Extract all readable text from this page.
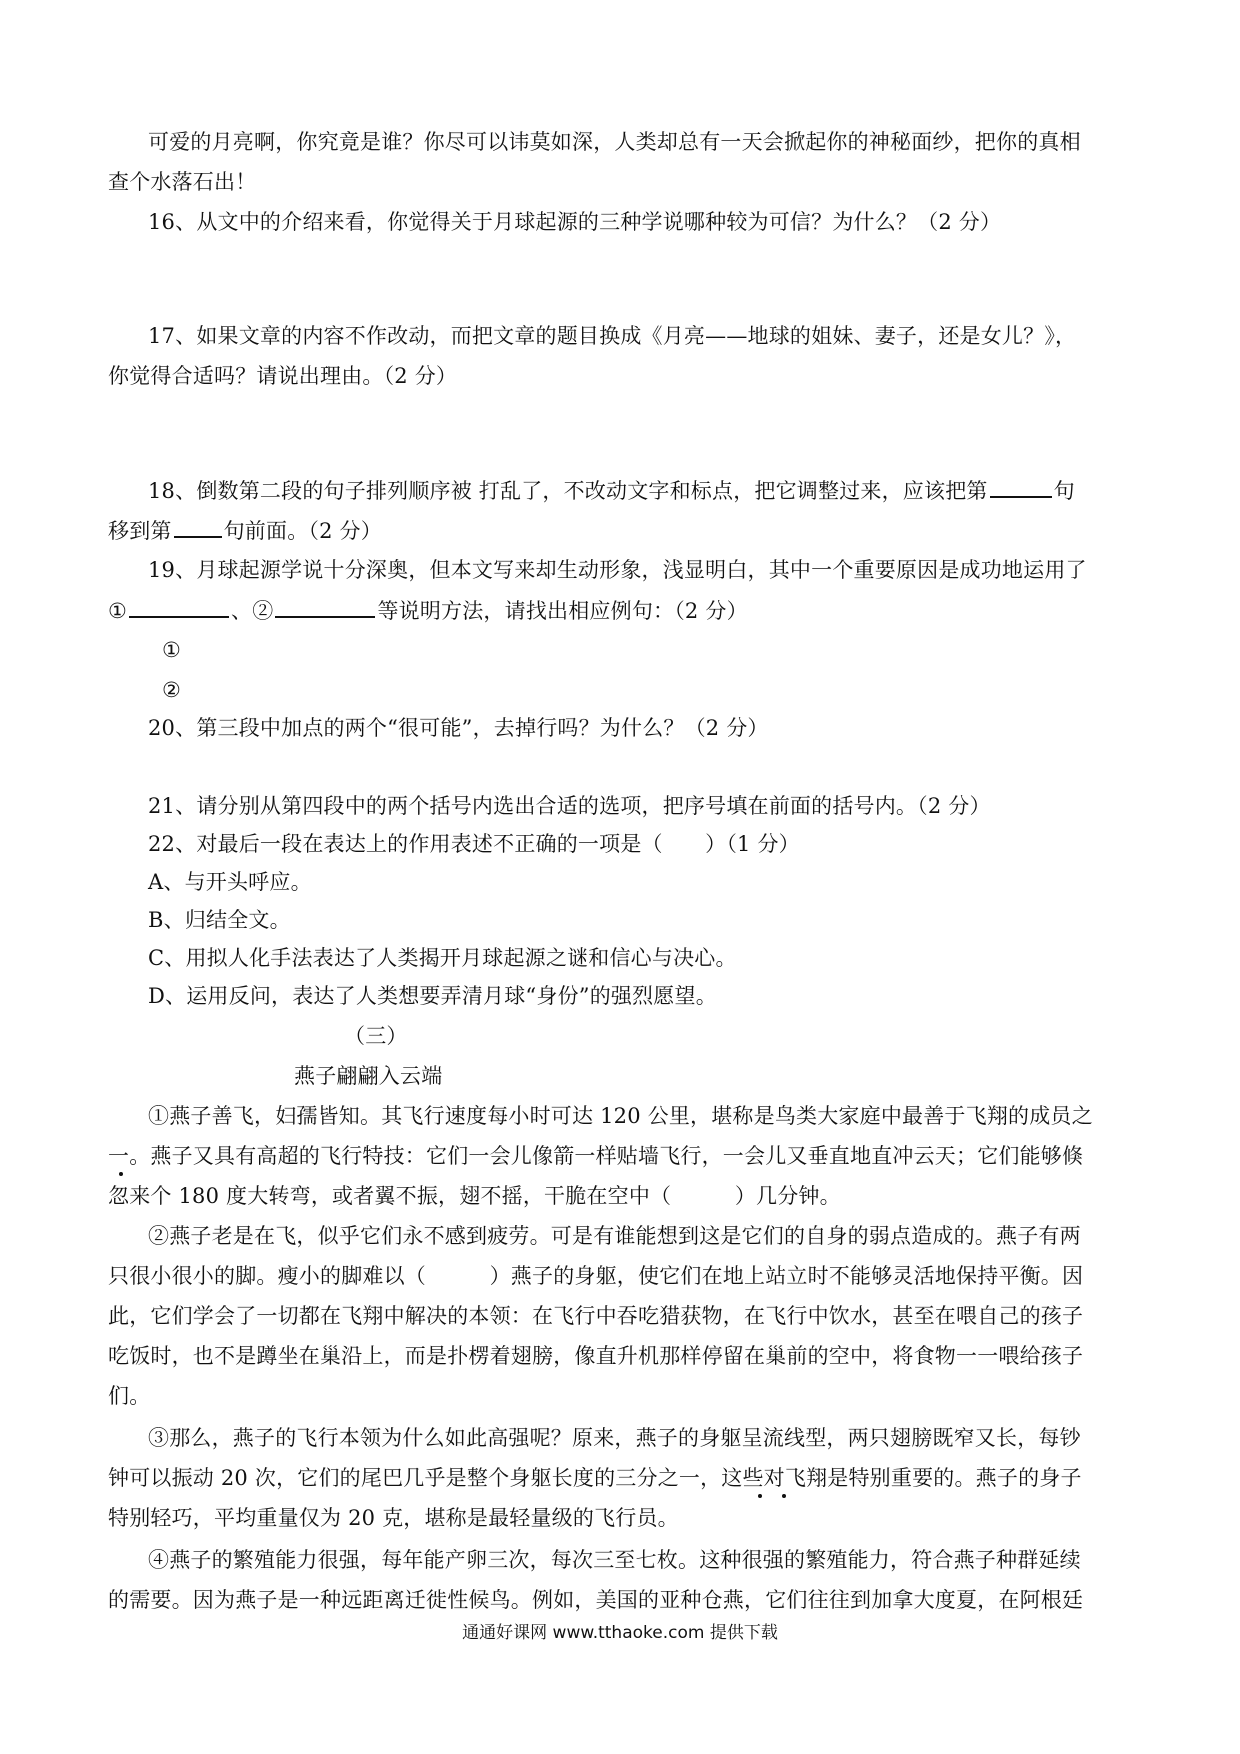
可爱的月亮啊，你究竟是谁？你尽可以讳莫如深，人类却总有一天会掀起你的神秘面纱，把你的真相
查个水落石出！
16、从文中的介绍来看，你觉得关于月球起源的三种学说哪种较为可信？为什么？（2 分）
17、如果文章的内容不作改动，而把文章的题目换成《月亮——地球的姐妹、妻子，还是女儿？》，
你觉得合适吗？请说出理由。（2 分）
18、倒数第二段的句子排列顺序被 打乱了，不改动文字和标点，把它调整过来，应该把第	句
移到第 句前面。（2 分）
19、月球起源学说十分深奥，但本文写来却生动形象，浅显明白，其中一个重要原因是成功地运用了
①	、②	等说明方法，请找出相应例句：（2 分）
①
②
20、第三段中加点的两个“很可能”，去掉行吗？为什么？（2 分）
21、请分别从第四段中的两个括号内选出合适的选项，把序号填在前面的括号内。（2 分）
22、对最后一段在表达上的作用表述不正确的一项是（　　）（1 分）
A、与开头呼应。
B、归结全文。
C、用拟人化手法表达了人类揭开月球起源之谜和信心与决心。
D、运用反问，表达了人类想要弄清月球“身份”的强烈愿望。
（三）
燕子翩翩入云端
①燕子善飞，妇孺皆知。其飞行速度每小时可达 120 公里，堪称是鸟类大家庭中最善于飞翔的成员之
一。燕子又具有高超的飞行特技：它们一会儿像箭一样贴墙飞行，一会儿又垂直地直冲云天；它们能够倏
忽来个 180 度大转弯，或者翼不振，翅不摇，干脆在空中（　　　）几分钟。
②燕子老是在飞，似乎它们永不感到疲劳。可是有谁能想到这是它们的自身的弱点造成的。燕子有两
只很小很小的脚。瘦小的脚难以（　　　）燕子的身躯，使它们在地上站立时不能够灵活地保持平衡。因
此，它们学会了一切都在飞翔中解决的本领：在飞行中吞吃猎获物，在飞行中饮水，甚至在喂自己的孩子
吃饭时，也不是蹲坐在巢沿上，而是扑楞着翅膀，像直升机那样停留在巢前的空中，将食物一一喂给孩子
们。
③那么，燕子的飞行本领为什么如此高强呢？原来，燕子的身躯呈流线型，两只翅膀既窄又长，每钞
钟可以振动 20 次，它们的尾巴几乎是整个身躯长度的三分之一，这些对飞翔是特别重要的。燕子的身子
特别轻巧，平均重量仅为 20 克，堪称是最轻量级的飞行员。
④燕子的繁殖能力很强，每年能产卵三次，每次三至七枚。这种很强的繁殖能力，符合燕子种群延续
的需要。因为燕子是一种远距离迁徙性候鸟。例如，美国的亚种仓燕，它们往往到加拿大度夏，在阿根廷
通通好课网 www.tthaoke.com 提供下载
